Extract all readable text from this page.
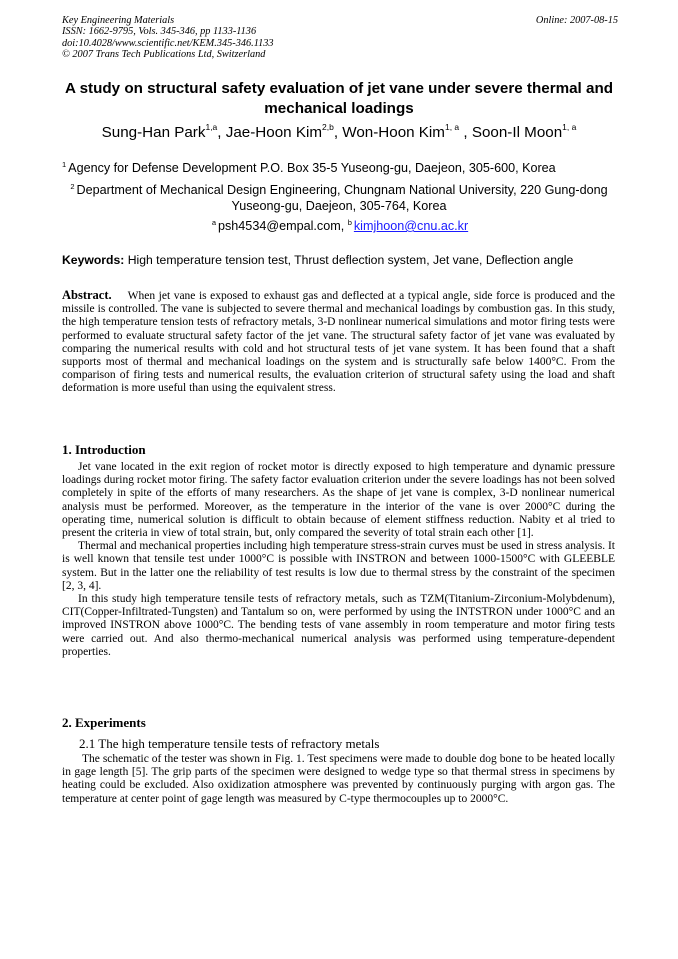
Key Engineering Materials
ISSN: 1662-9795, Vols. 345-346, pp 1133-1136
doi:10.4028/www.scientific.net/KEM.345-346.1133
© 2007 Trans Tech Publications Ltd, Switzerland
Online: 2007-08-15
A study on structural safety evaluation of jet vane under severe thermal and mechanical loadings
Sung-Han Park$^{1,a}$, Jae-Hoon Kim$^{2,b}$, Won-Hoon Kim$^{1, a}$ , Soon-Il Moon$^{1, a}$
$^1$ Agency for Defense Development P.O. Box 35-5 Yuseong-gu, Daejeon, 305-600, Korea
$^2$ Department of Mechanical Design Engineering, Chungnam National University, 220 Gung-dong Yuseong-gu, Daejeon, 305-764, Korea
$^a$ psh4534@empal.com, $^b$ kimjhoon@cnu.ac.kr
Keywords: High temperature tension test, Thrust deflection system, Jet vane, Deflection angle
Abstract. When jet vane is exposed to exhaust gas and deflected at a typical angle, side force is produced and the missile is controlled. The vane is subjected to severe thermal and mechanical loadings by combustion gas. In this study, the high temperature tension tests of refractory metals, 3-D nonlinear numerical simulations and motor firing tests were performed to evaluate structural safety factor of the jet vane. The structural safety factor of jet vane was evaluated by comparing the numerical results with cold and hot structural tests of jet vane system. It has been found that a shaft supports most of thermal and mechanical loadings on the system and is structurally safe below 1400°C. From the comparison of firing tests and numerical results, the evaluation criterion of structural safety using the load and shaft deformation is more useful than using the equivalent stress.
1. Introduction
Jet vane located in the exit region of rocket motor is directly exposed to high temperature and dynamic pressure loadings during rocket motor firing. The safety factor evaluation criterion under the severe loadings has not been solved completely in spite of the efforts of many researchers. As the shape of jet vane is complex, 3-D nonlinear numerical analysis must be performed. Moreover, as the temperature in the interior of the vane is over 2000°C during the operating time, numerical solution is difficult to obtain because of element stiffness reduction. Nabity et al tried to present the criteria in view of total strain, but, only compared the severity of total strain each other [1].
Thermal and mechanical properties including high temperature stress-strain curves must be used in stress analysis. It is well known that tensile test under 1000°C is possible with INSTRON and between 1000-1500°C with GLEEBLE system. But in the latter one the reliability of test results is low due to thermal stress by the constraint of the specimen [2, 3, 4].
In this study high temperature tensile tests of refractory metals, such as TZM(Titanium-Zirconium-Molybdenum), CIT(Copper-Infiltrated-Tungsten) and Tantalum so on, were performed by using the INTSTRON under 1000°C and an improved INSTRON above 1000°C. The bending tests of vane assembly in room temperature and motor firing tests were carried out. And also thermo-mechanical numerical analysis was performed using temperature-dependent properties.
2. Experiments
2.1 The high temperature tensile tests of refractory metals
The schematic of the tester was shown in Fig. 1. Test specimens were made to double dog bone to be heated locally in gage length [5]. The grip parts of the specimen were designed to wedge type so that thermal stress in specimens by heating could be excluded. Also oxidization atmosphere was prevented by continuously purging with argon gas. The temperature at center point of gage length was measured by C-type thermocouples up to 2000°C.
